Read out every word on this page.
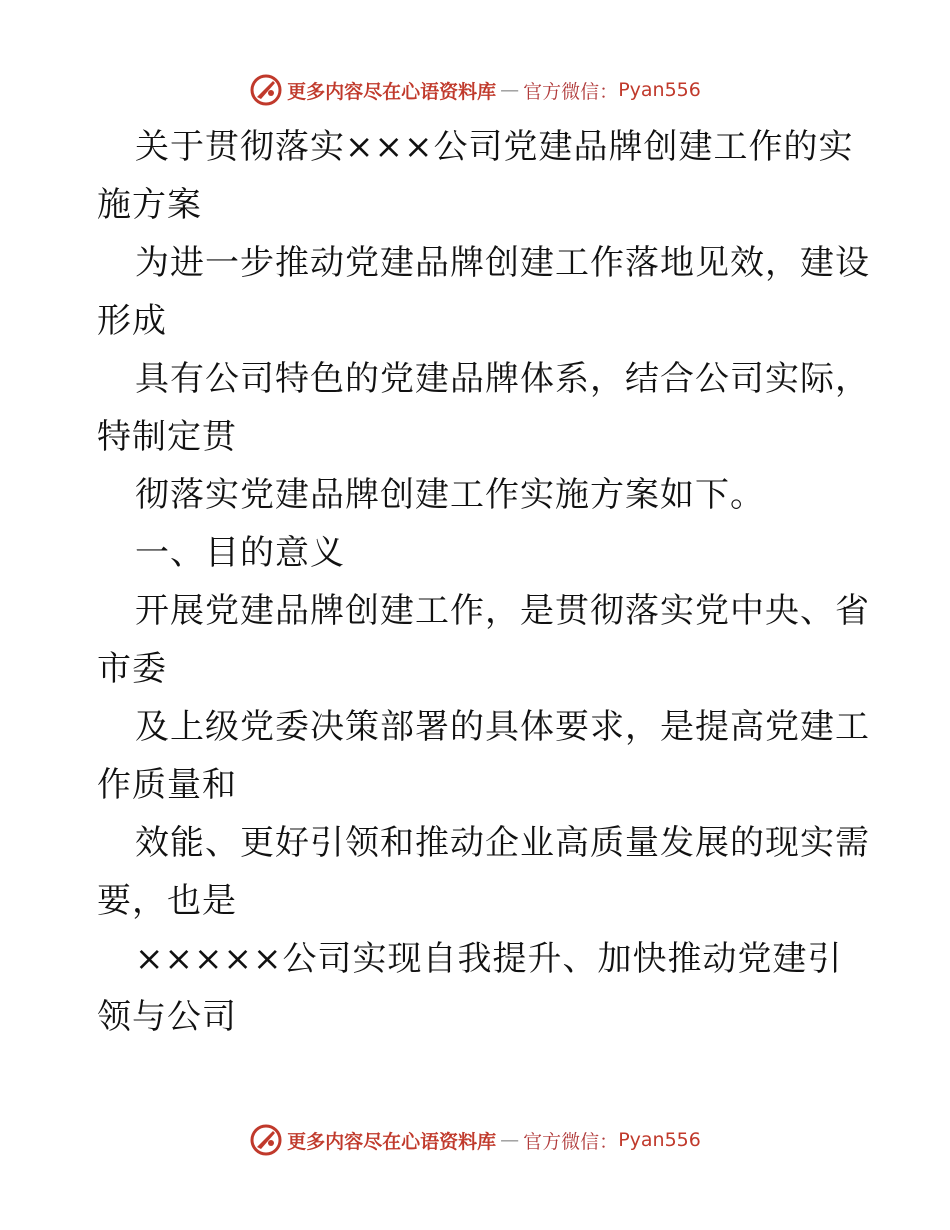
更多内容尽在心语资料库 — 官方微信： Pyan556
关于贯彻落实×××公司党建品牌创建工作的实
施方案
为进一步推动党建品牌创建工作落地见效，建设
形成
具有公司特色的党建品牌体系，结合公司实际，
特制定贯
彻落实党建品牌创建工作实施方案如下。
一、目的意义
开展党建品牌创建工作，是贯彻落实党中央、省
市委
及上级党委决策部署的具体要求，是提高党建工
作质量和
效能、更好引领和推动企业高质量发展的现实需
要，也是
×××××公司实现自我提升、加快推动党建引
领与公司
更多内容尽在心语资料库 — 官方微信： Pyan556
